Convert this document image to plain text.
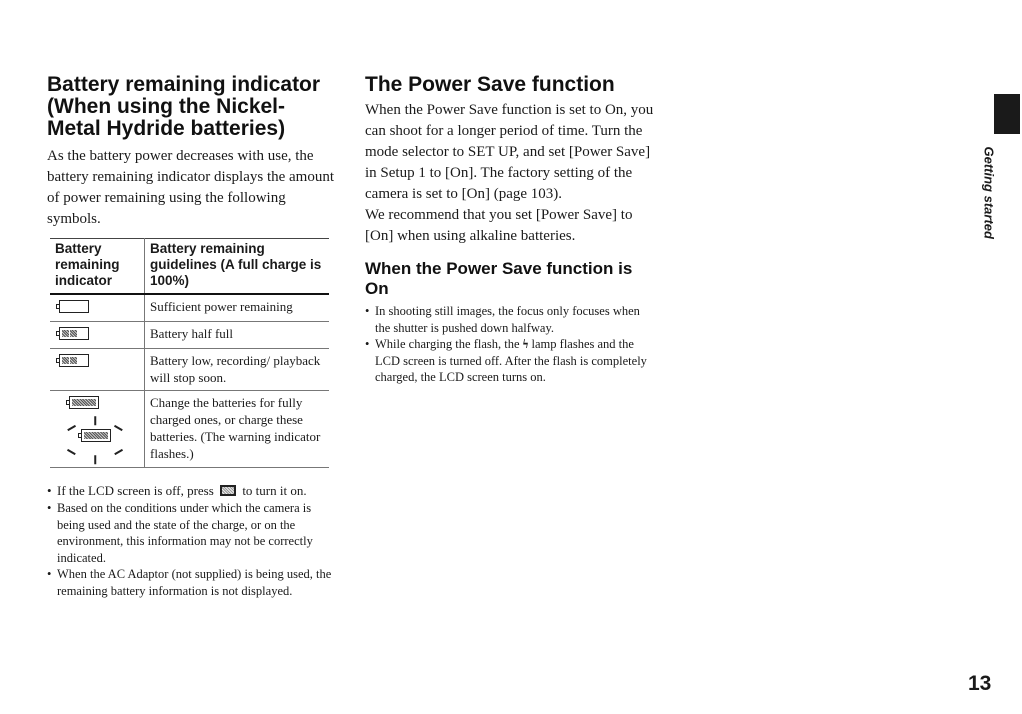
Battery remaining indicator (When using the Nickel-Metal Hydride batteries)

As the battery power decreases with use, the battery remaining indicator displays the amount of power remaining using the following symbols.

Battery remaining indicator	Battery remaining guidelines (A full charge is 100%)
	Sufficient power remaining

	Battery half full

	Battery low, recording/ playback will stop soon.

	Change the batteries for fully charged ones, or charge these batteries. (The warning indicator flashes.)

• If the LCD screen is off, press  to turn it on.

• Based on the conditions under which the camera is being used and the state of the charge, or on the environment, this information may not be correctly indicated.

• When the AC Adaptor (not supplied) is being used, the remaining battery information is not displayed.

The Power Save function

When the Power Save function is set to On, you can shoot for a longer period of time. Turn the mode selector to SET UP, and set [Power Save] in Setup 1 to [On]. The factory setting of the camera is set to [On] (page 103).

We recommend that you set [Power Save] to [On] when using alkaline batteries.

When the Power Save function is On

• In shooting still images, the focus only focuses when the shutter is pushed down halfway.

• While charging the flash, the ϟ lamp flashes and the LCD screen is turned off. After the flash is completely charged, the LCD screen turns on.

Getting started
13
